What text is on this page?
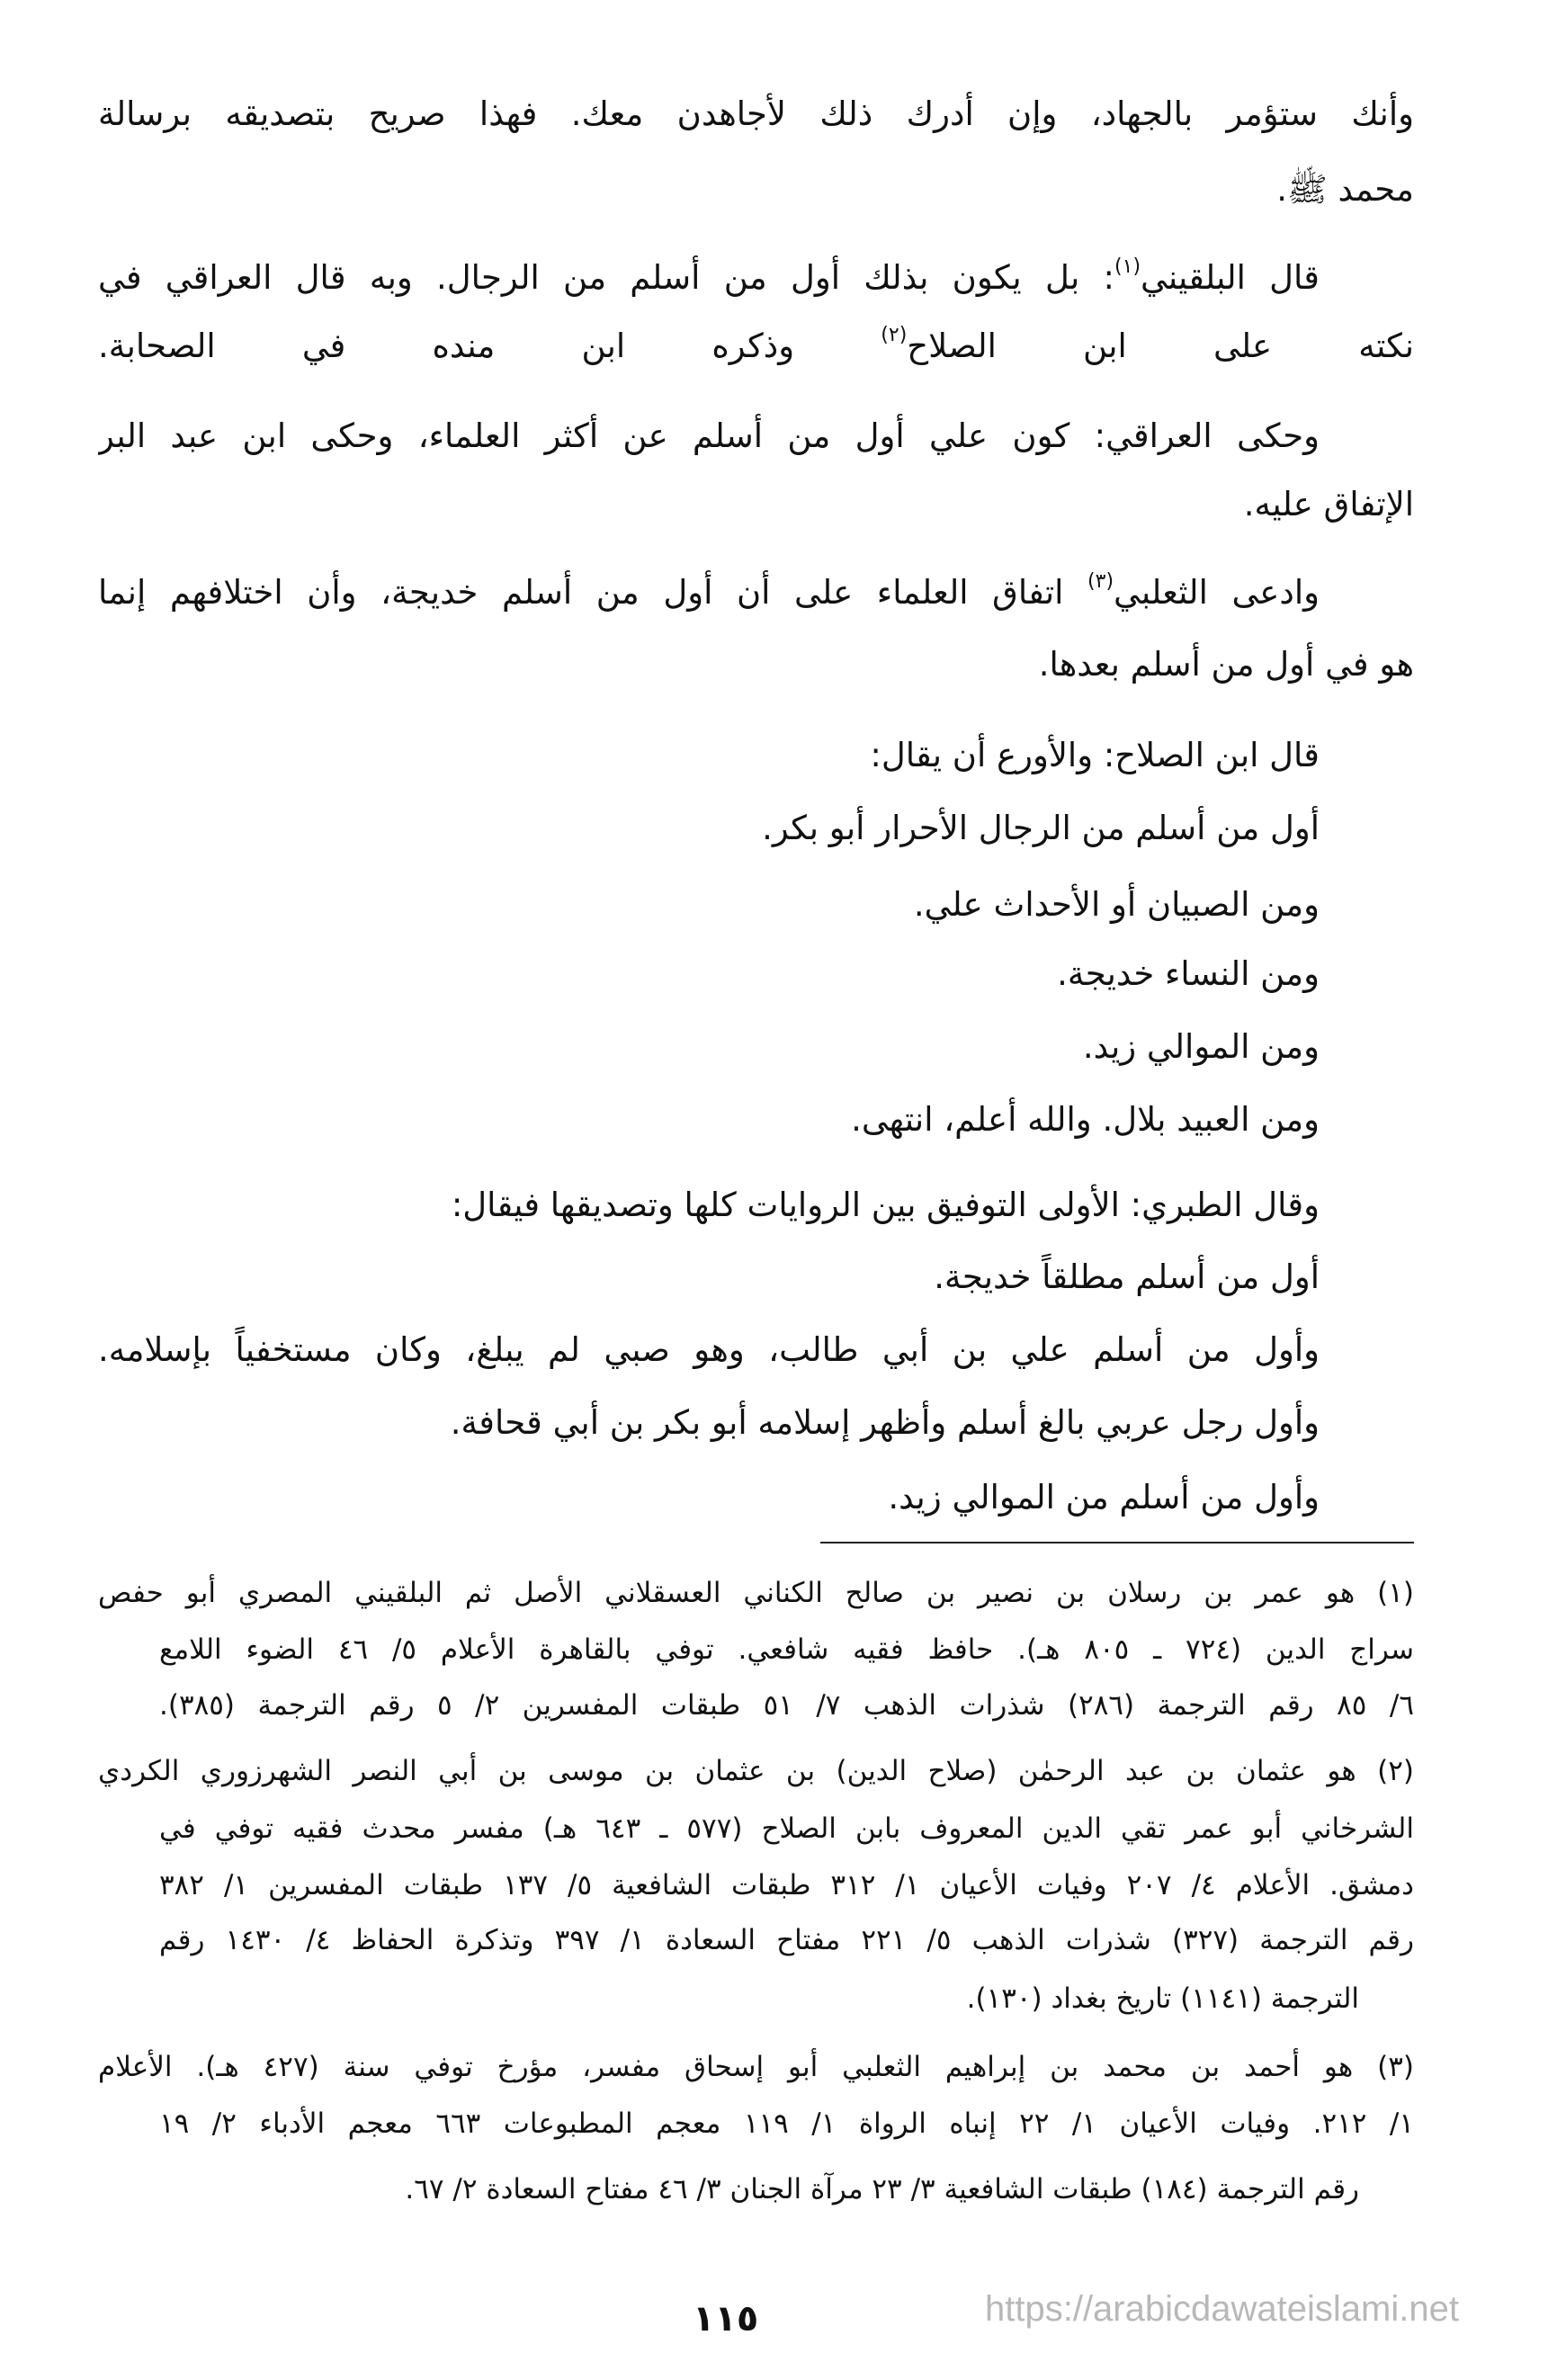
وأنك ستؤمر بالجهاد، وإن أدرك ذلك لأجاهدن معك. فهذا صريح بتصديقه برسالة
محمد ﷺ.
قال البلقيني$^{(١)}$: بل يكون بذلك أول من أسلم من الرجال. وبه قال العراقي في
نكته على ابن الصلاح$^{(٢)}$ وذكره ابن منده في الصحابة.
وحكى العراقي: كون علي أول من أسلم عن أكثر العلماء، وحكى ابن عبد البر
الإتفاق عليه.
وادعى الثعلبي$^{(٣)}$ اتفاق العلماء على أن أول من أسلم خديجة، وأن اختلافهم إنما
هو في أول من أسلم بعدها.
قال ابن الصلاح: والأورع أن يقال:
أول من أسلم من الرجال الأحرار أبو بكر.
ومن الصبيان أو الأحداث علي.
ومن النساء خديجة.
ومن الموالي زيد.
ومن العبيد بلال. والله أعلم، انتهى.
وقال الطبري: الأولى التوفيق بين الروايات كلها وتصديقها فيقال:
أول من أسلم مطلقاً خديجة.
وأول من أسلم علي بن أبي طالب، وهو صبي لم يبلغ، وكان مستخفياً بإسلامه.
وأول رجل عربي بالغ أسلم وأظهر إسلامه أبو بكر بن أبي قحافة.
وأول من أسلم من الموالي زيد.
(١) هو عمر بن رسلان بن نصير بن صالح الكناني العسقلاني الأصل ثم البلقيني المصري أبو حفص
سراج الدين (٧٢٤ ـ ٨٠٥ هـ). حافظ فقيه شافعي. توفي بالقاهرة الأعلام ٥/ ٤٦ الضوء اللامع
٦/ ٨٥ رقم الترجمة (٢٨٦) شذرات الذهب ٧/ ٥١ طبقات المفسرين ٢/ ٥ رقم الترجمة (٣٨٥).
(٢) هو عثمان بن عبد الرحمٰن (صلاح الدين) بن عثمان بن موسى بن أبي النصر الشهرزوري الكردي
الشرخاني أبو عمر تقي الدين المعروف بابن الصلاح (٥٧٧ ـ ٦٤٣ هـ) مفسر محدث فقيه توفي في
دمشق. الأعلام ٤/ ٢٠٧ وفيات الأعيان ١/ ٣١٢ طبقات الشافعية ٥/ ١٣٧ طبقات المفسرين ١/ ٣٨٢
رقم الترجمة (٣٢٧) شذرات الذهب ٥/ ٢٢١ مفتاح السعادة ١/ ٣٩٧ وتذكرة الحفاظ ٤/ ١٤٣٠ رقم
الترجمة (١١٤١) تاريخ بغداد (١٣٠).
(٣) هو أحمد بن محمد بن إبراهيم الثعلبي أبو إسحاق مفسر، مؤرخ توفي سنة (٤٢٧ هـ). الأعلام
١/ ٢١٢. وفيات الأعيان ١/ ٢٢ إنباه الرواة ١/ ١١٩ معجم المطبوعات ٦٦٣ معجم الأدباء ٢/ ١٩
رقم الترجمة (١٨٤) طبقات الشافعية ٣/ ٢٣ مرآة الجنان ٣/ ٤٦ مفتاح السعادة ٢/ ٦٧.
١١٥	https://arabicdawateislami.net
